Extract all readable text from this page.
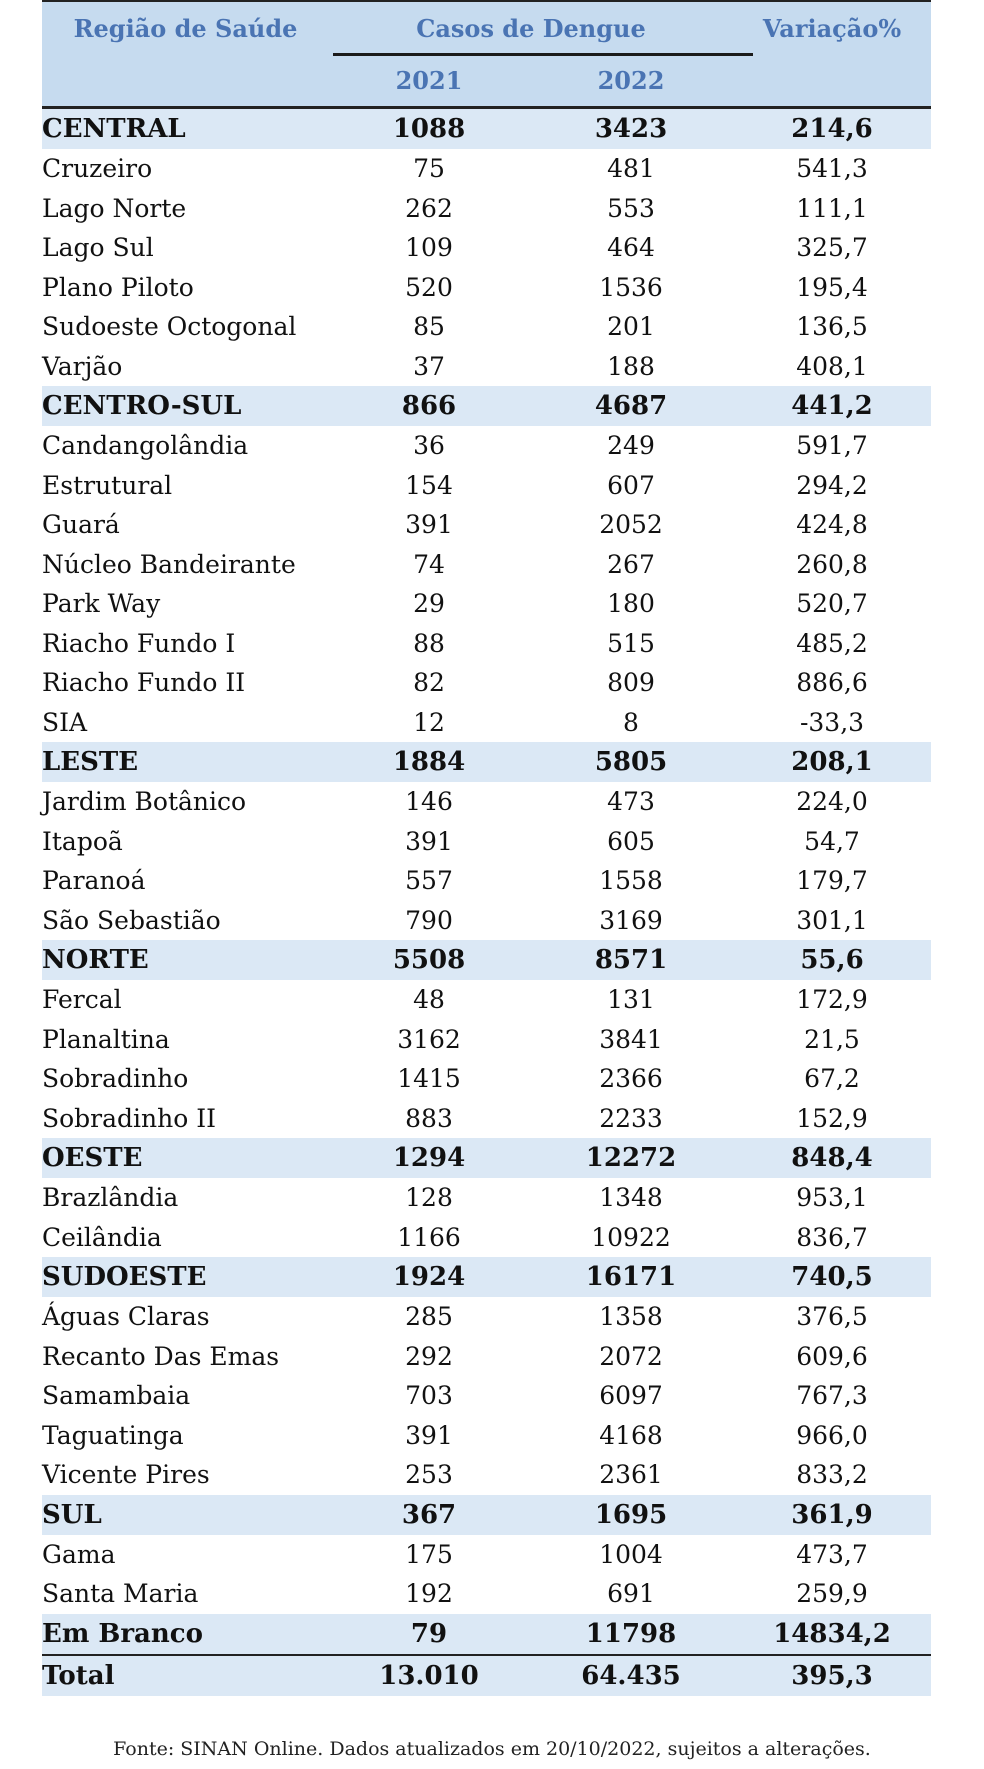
Região de Saúde	Casos de Dengue		Variação%
	2021	2022	
CENTRAL	1088	3423	214,6
Cruzeiro	75	481	541,3
Lago Norte	262	553	111,1
Lago Sul	109	464	325,7
Plano Piloto	520	1536	195,4
Sudoeste Octogonal	85	201	136,5
Varjão	37	188	408,1
CENTRO-SUL	866	4687	441,2
Candangolândia	36	249	591,7
Estrutural	154	607	294,2
Guará	391	2052	424,8
Núcleo Bandeirante	74	267	260,8
Park Way	29	180	520,7
Riacho Fundo I	88	515	485,2
Riacho Fundo II	82	809	886,6
SIA	12	8	-33,3
LESTE	1884	5805	208,1
Jardim Botânico	146	473	224,0
Itapoã	391	605	54,7
Paranoá	557	1558	179,7
São Sebastião	790	3169	301,1
NORTE	5508	8571	55,6
Fercal	48	131	172,9
Planaltina	3162	3841	21,5
Sobradinho	1415	2366	67,2
Sobradinho II	883	2233	152,9
OESTE	1294	12272	848,4
Brazlândia	128	1348	953,1
Ceilândia	1166	10922	836,7
SUDOESTE	1924	16171	740,5
Águas Claras	285	1358	376,5
Recanto Das Emas	292	2072	609,6
Samambaia	703	6097	767,3
Taguatinga	391	4168	966,0
Vicente Pires	253	2361	833,2
SUL	367	1695	361,9
Gama	175	1004	473,7
Santa Maria	192	691	259,9
Em Branco	79	11798	14834,2
Total	13.010	64.435	395,3
Fonte: SINAN Online. Dados atualizados em 20/10/2022, sujeitos a alterações.
